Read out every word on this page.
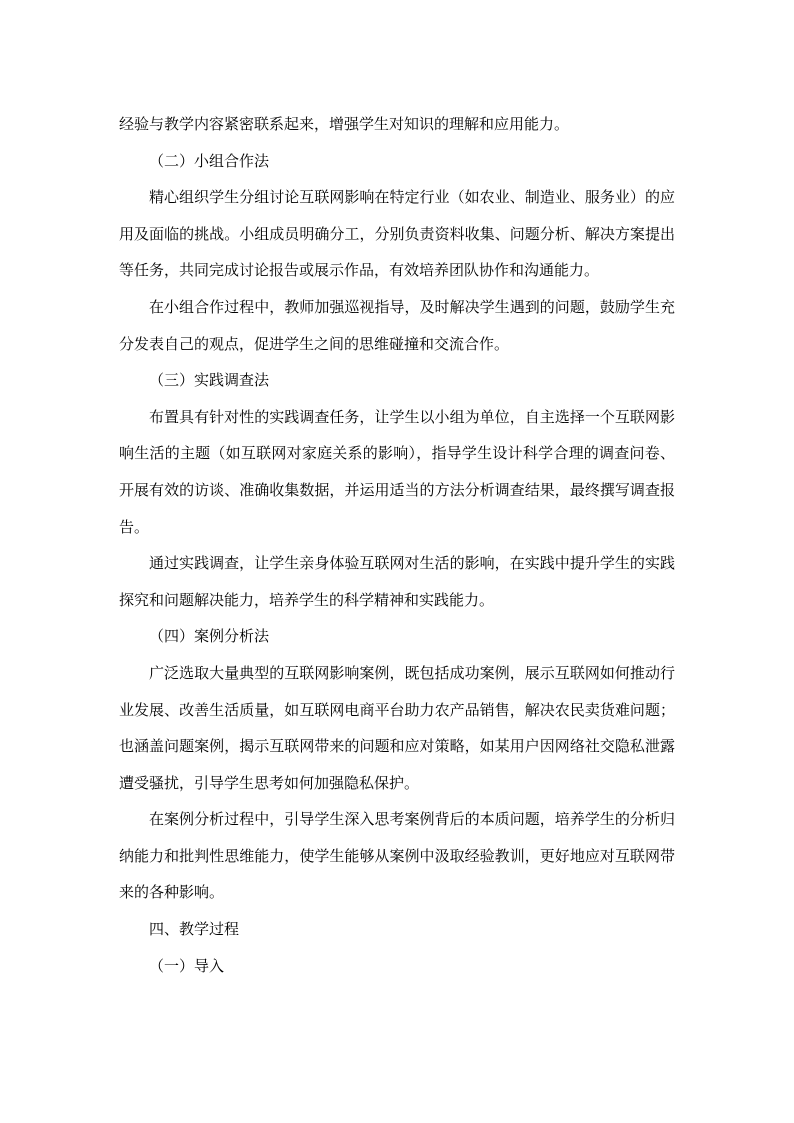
经验与教学内容紧密联系起来，增强学生对知识的理解和应用能力。

（二）小组合作法

精心组织学生分组讨论互联网影响在特定行业（如农业、制造业、服务业）的应用及面临的挑战。小组成员明确分工，分别负责资料收集、问题分析、解决方案提出等任务，共同完成讨论报告或展示作品，有效培养团队协作和沟通能力。

在小组合作过程中，教师加强巡视指导，及时解决学生遇到的问题，鼓励学生充分发表自己的观点，促进学生之间的思维碰撞和交流合作。

（三）实践调查法

布置具有针对性的实践调查任务，让学生以小组为单位，自主选择一个互联网影响生活的主题（如互联网对家庭关系的影响），指导学生设计科学合理的调查问卷、开展有效的访谈、准确收集数据，并运用适当的方法分析调查结果，最终撰写调查报告。

通过实践调查，让学生亲身体验互联网对生活的影响，在实践中提升学生的实践探究和问题解决能力，培养学生的科学精神和实践能力。

（四）案例分析法

广泛选取大量典型的互联网影响案例，既包括成功案例，展示互联网如何推动行业发展、改善生活质量，如互联网电商平台助力农产品销售，解决农民卖货难问题；也涵盖问题案例，揭示互联网带来的问题和应对策略，如某用户因网络社交隐私泄露遭受骚扰，引导学生思考如何加强隐私保护。

在案例分析过程中，引导学生深入思考案例背后的本质问题，培养学生的分析归纳能力和批判性思维能力，使学生能够从案例中汲取经验教训，更好地应对互联网带来的各种影响。

四、教学过程

（一）导入
